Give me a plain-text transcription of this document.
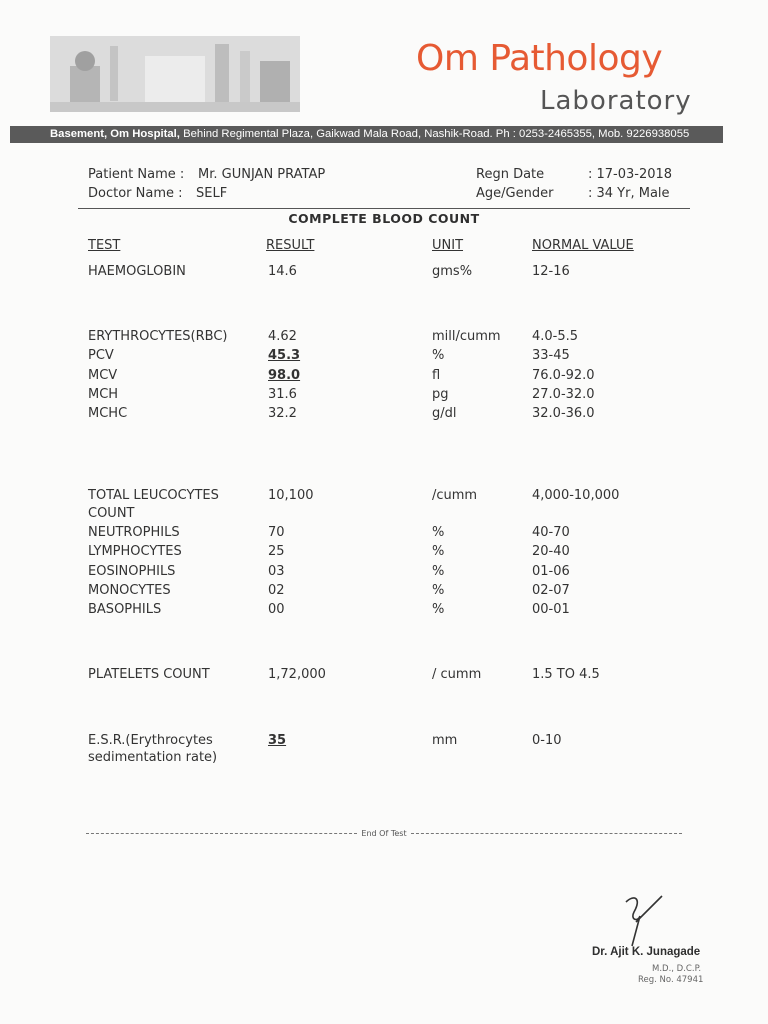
Om Pathology
Laboratory
Basement, Om Hospital, Behind Regimental Plaza, Gaikwad Mala Road, Nashik-Road. Ph : 0253-2465355, Mob. 9226938055
Patient Name : Mr. GUNJAN PRATAP
Doctor Name : SELF
Regn Date	: 17-03-2018
Age/Gender	: 34 Yr, Male
COMPLETE BLOOD COUNT
TEST	RESULT	UNIT	NORMAL VALUE
HAEMOGLOBIN	14.6	gms%	12-16
ERYTHROCYTES(RBC)	4.62	mill/cumm 4.0-5.5
PCV	45.3	%	33-45
MCV	98.0	fl	76.0-92.0
MCH	31.6	pg	27.0-32.0
MCHC	32.2	g/dl	32.0-36.0
TOTAL LEUCOCYTES	10,100	/cumm	4,000-10,000
COUNT
NEUTROPHILS	70	%	40-70
LYMPHOCYTES	25	%	20-40
EOSINOPHILS	03	%	01-06
MONOCYTES	02	%	02-07
BASOPHILS	00	%	00-01
PLATELETS COUNT	1,72,000	/ cumm	1.5 TO 4.5
E.S.R.(Erythrocytes	35	mm	0-10
sedimentation rate)
End Of Test
Dr. Ajit K. Junagade
M.D., D.C.P.
Reg. No. 47941
